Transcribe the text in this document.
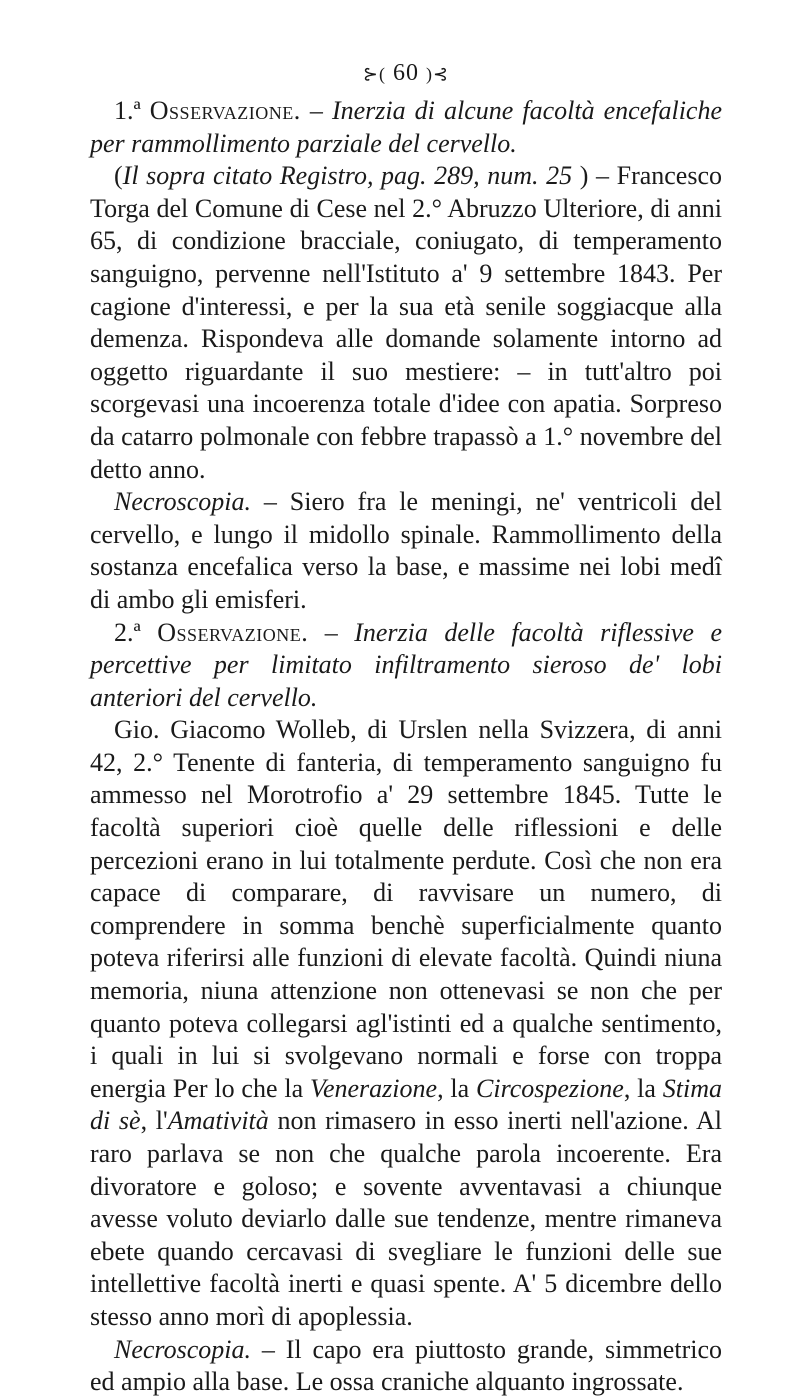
⊱( 60 )⊰

1.ª Osservazione. – Inerzia di alcune facoltà encefaliche per rammollimento parziale del cervello.

(Il sopra citato Registro, pag. 289, num. 25 ) – Francesco Torga del Comune di Cese nel 2.° Abruzzo Ulteriore, di anni 65, di condizione bracciale, coniugato, di temperamento sanguigno, pervenne nell'Istituto a' 9 settembre 1843. Per cagione d'interessi, e per la sua età senile soggiacque alla demenza. Rispondeva alle domande solamente intorno ad oggetto riguardante il suo mestiere: – in tutt'altro poi scorgevasi una incoerenza totale d'idee con apatia. Sorpreso da catarro polmonale con febbre trapassò a 1.° novembre del detto anno.

Necroscopia. – Siero fra le meningi, ne' ventricoli del cervello, e lungo il midollo spinale. Rammollimento della sostanza encefalica verso la base, e massime nei lobi medî di ambo gli emisferi.

2.ª Osservazione. – Inerzia delle facoltà riflessive e percettive per limitato infiltramento sieroso de' lobi anteriori del cervello.

Gio. Giacomo Wolleb, di Urslen nella Svizzera, di anni 42, 2.° Tenente di fanteria, di temperamento sanguigno fu ammesso nel Morotrofio a' 29 settembre 1845. Tutte le facoltà superiori cioè quelle delle riflessioni e delle percezioni erano in lui totalmente perdute. Così che non era capace di comparare, di ravvisare un numero, di comprendere in somma benchè superficialmente quanto poteva riferirsi alle funzioni di elevate facoltà. Quindi niuna memoria, niuna attenzione non ottenevasi se non che per quanto poteva collegarsi agl'istinti ed a qualche sentimento, i quali in lui si svolgevano normali e forse con troppa energia Per lo che la Venerazione, la Circospezione, la Stima di sè, l'Amatività non rimasero in esso inerti nell'azione. Al raro parlava se non che qualche parola incoerente. Era divoratore e goloso; e sovente avventavasi a chiunque avesse voluto deviarlo dalle sue tendenze, mentre rimaneva ebete quando cercavasi di svegliare le funzioni delle sue intellettive facoltà inerti e quasi spente. A' 5 dicembre dello stesso anno morì di apoplessia.

Necroscopia. – Il capo era piuttosto grande, simmetrico ed ampio alla base. Le ossa craniche alquanto ingrossate.
